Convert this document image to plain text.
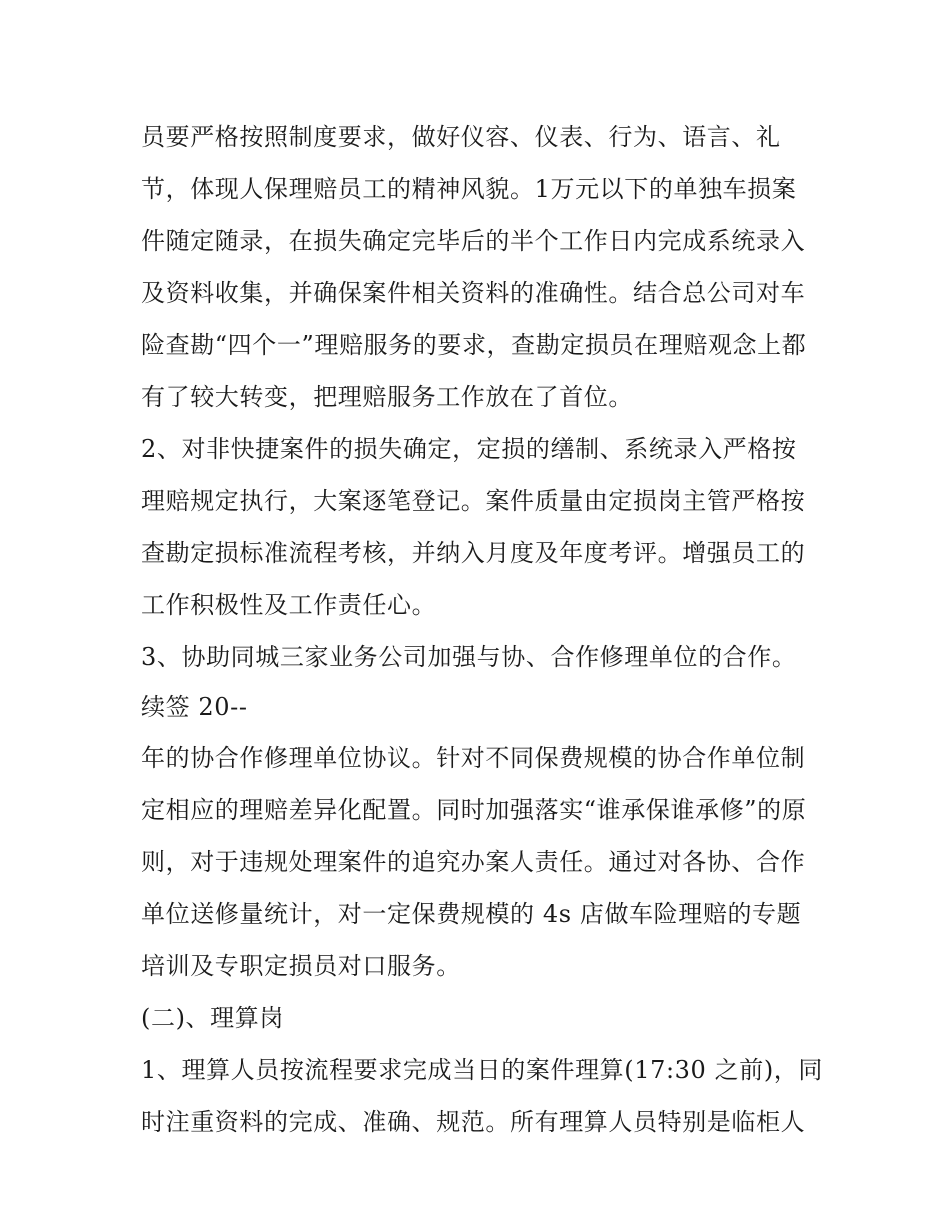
员要严格按照制度要求，做好仪容、仪表、行为、语言、礼
节，体现人保理赔员工的精神风貌。1万元以下的单独车损案
件随定随录，在损失确定完毕后的半个工作日内完成系统录入
及资料收集，并确保案件相关资料的准确性。结合总公司对车
险查勘“四个一”理赔服务的要求，查勘定损员在理赔观念上都
有了较大转变，把理赔服务工作放在了首位。
2、对非快捷案件的损失确定，定损的缮制、系统录入严格按
理赔规定执行，大案逐笔登记。案件质量由定损岗主管严格按
查勘定损标准流程考核，并纳入月度及年度考评。增强员工的
工作积极性及工作责任心。
3、协助同城三家业务公司加强与协、合作修理单位的合作。
续签 20--
年的协合作修理单位协议。针对不同保费规模的协合作单位制
定相应的理赔差异化配置。同时加强落实“谁承保谁承修”的原
则，对于违规处理案件的追究办案人责任。通过对各协、合作
单位送修量统计，对一定保费规模的 4s 店做车险理赔的专题
培训及专职定损员对口服务。
(二)、理算岗
1、理算人员按流程要求完成当日的案件理算(17:30 之前)，同
时注重资料的完成、准确、规范。所有理算人员特别是临柜人
